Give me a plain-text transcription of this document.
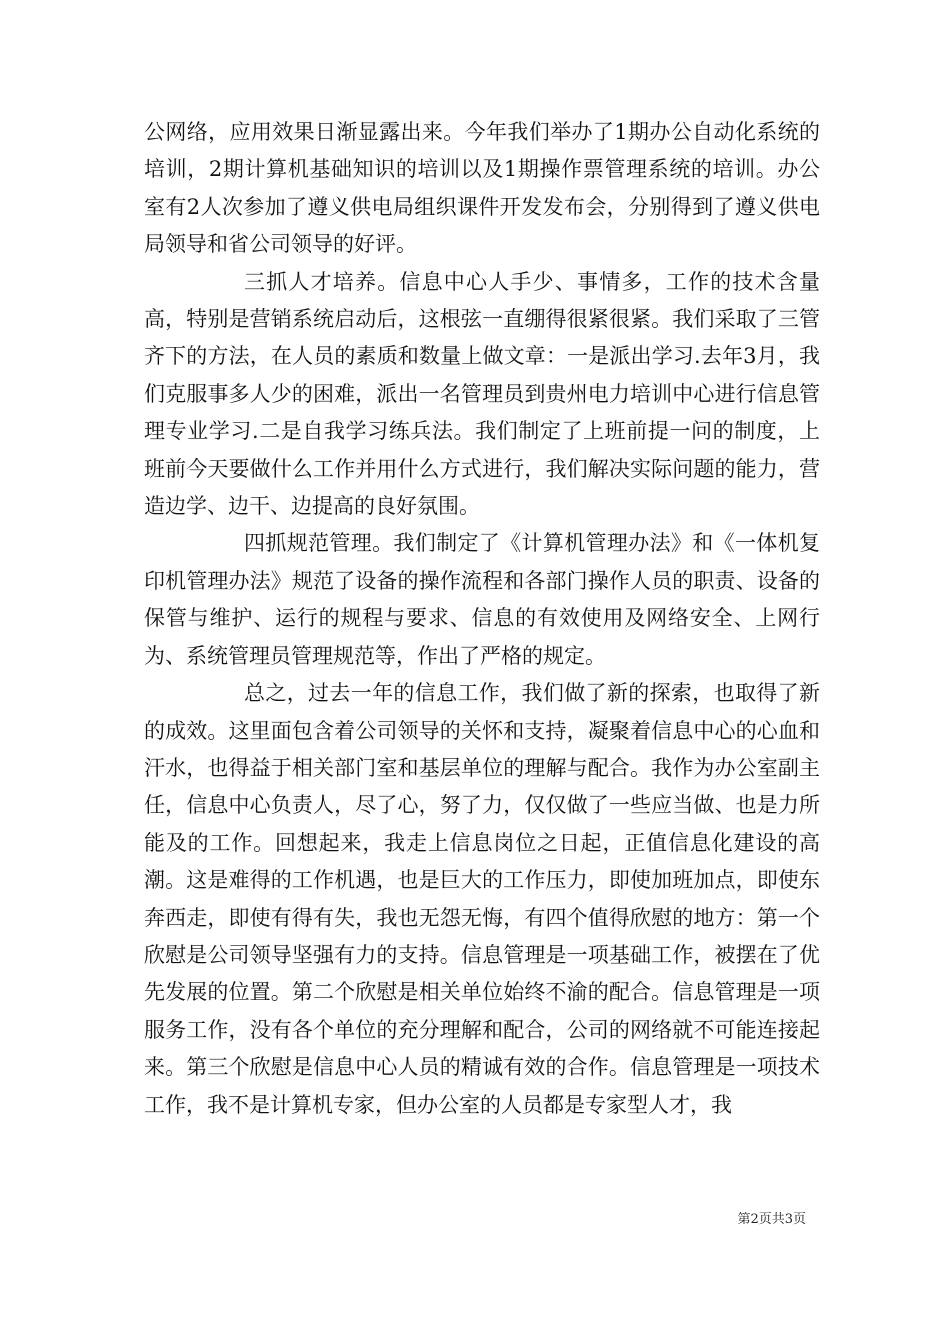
公网络，应用效果日渐显露出来。今年我们举办了1期办公自动化系统的培训，2期计算机基础知识的培训以及1期操作票管理系统的培训。办公室有2人次参加了遵义供电局组织课件开发发布会，分别得到了遵义供电局领导和省公司领导的好评。

三抓人才培养。信息中心人手少、事情多，工作的技术含量高，特别是营销系统启动后，这根弦一直绷得很紧很紧。我们采取了三管齐下的方法，在人员的素质和数量上做文章：一是派出学习.去年3月，我们克服事多人少的困难，派出一名管理员到贵州电力培训中心进行信息管理专业学习.二是自我学习练兵法。我们制定了上班前提一问的制度，上班前今天要做什么工作并用什么方式进行，我们解决实际问题的能力，营造边学、边干、边提高的良好氛围。

四抓规范管理。我们制定了《计算机管理办法》和《一体机复印机管理办法》规范了设备的操作流程和各部门操作人员的职责、设备的保管与维护、运行的规程与要求、信息的有效使用及网络安全、上网行为、系统管理员管理规范等，作出了严格的规定。

总之，过去一年的信息工作，我们做了新的探索，也取得了新的成效。这里面包含着公司领导的关怀和支持，凝聚着信息中心的心血和汗水，也得益于相关部门室和基层单位的理解与配合。我作为办公室副主任，信息中心负责人，尽了心，努了力，仅仅做了一些应当做、也是力所能及的工作。回想起来，我走上信息岗位之日起，正值信息化建设的高潮。这是难得的工作机遇，也是巨大的工作压力，即使加班加点，即使东奔西走，即使有得有失，我也无怨无悔，有四个值得欣慰的地方：第一个欣慰是公司领导坚强有力的支持。信息管理是一项基础工作，被摆在了优先发展的位置。第二个欣慰是相关单位始终不渝的配合。信息管理是一项服务工作，没有各个单位的充分理解和配合，公司的网络就不可能连接起来。第三个欣慰是信息中心人员的精诚有效的合作。信息管理是一项技术工作，我不是计算机专家，但办公室的人员都是专家型人才，我

第2页共3页
